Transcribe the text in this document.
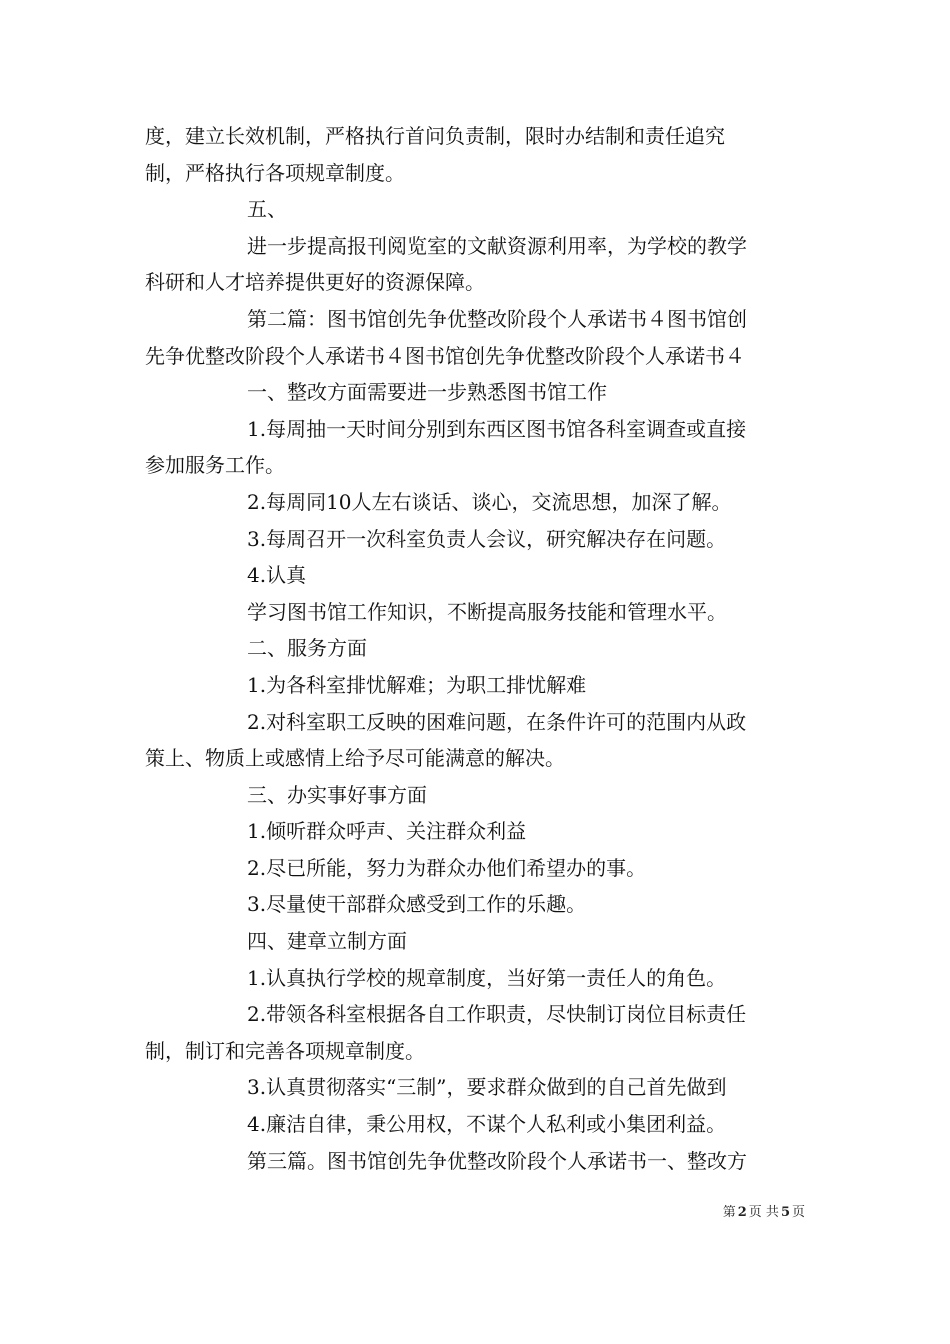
度，建立长效机制，严格执行首问负责制，限时办结制和责任追究
制，严格执行各项规章制度。
五、
进一步提高报刊阅览室的文献资源利用率，为学校的教学
科研和人才培养提供更好的资源保障。
第二篇：图书馆创先争优整改阶段个人承诺书４图书馆创
先争优整改阶段个人承诺书４图书馆创先争优整改阶段个人承诺书４
一、整改方面需要进一步熟悉图书馆工作
1.每周抽一天时间分别到东西区图书馆各科室调查或直接
参加服务工作。
2.每周同10人左右谈话、谈心，交流思想，加深了解。
3.每周召开一次科室负责人会议，研究解决存在问题。
4.认真
学习图书馆工作知识，不断提高服务技能和管理水平。
二、服务方面
1.为各科室排忧解难；为职工排忧解难
2.对科室职工反映的困难问题，在条件许可的范围内从政
策上、物质上或感情上给予尽可能满意的解决。
三、办实事好事方面
1.倾听群众呼声、关注群众利益
2.尽已所能，努力为群众办他们希望办的事。
3.尽量使干部群众感受到工作的乐趣。
四、建章立制方面
1.认真执行学校的规章制度，当好第一责任人的角色。
2.带领各科室根据各自工作职责，尽快制订岗位目标责任
制，制订和完善各项规章制度。
3.认真贯彻落实“三制”，要求群众做到的自己首先做到
4.廉洁自律，秉公用权，不谋个人私利或小集团利益。
第三篇。图书馆创先争优整改阶段个人承诺书一、整改方
第 2 页 共 5 页
